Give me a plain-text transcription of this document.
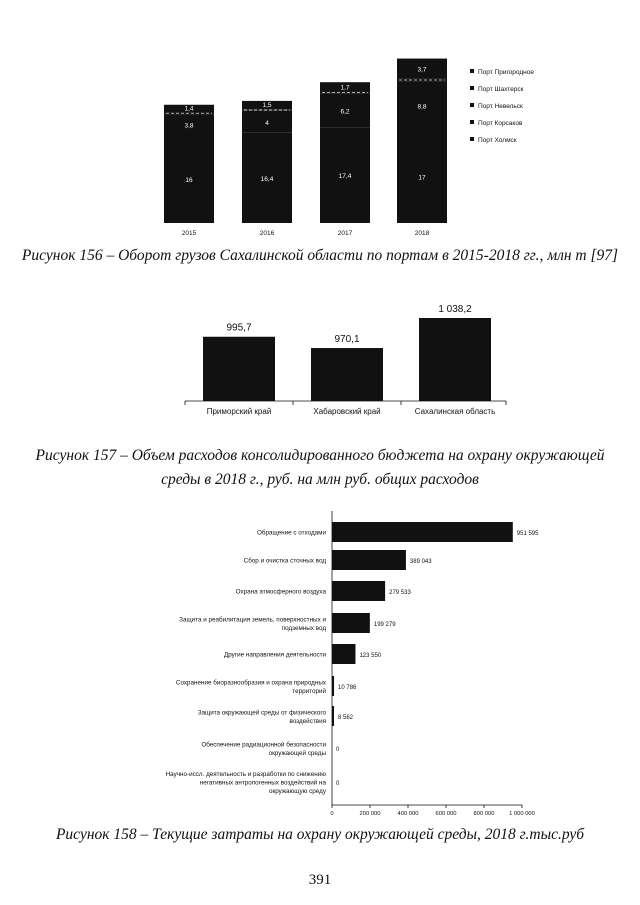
16
3,8
1,4
16,4
4
1,5
17,4
6,2
1,7
17
8,8
3,7
2015	2016	2017	2018
Порт Пригородное
Порт Шахтерск
Порт Невельск
Порт Корсаков
Порт Холмск
Рисунок 156 – Оборот грузов Сахалинской области по портам в 2015-2018 гг., млн т [97]
995,7
970,1
1 038,2
Приморский край	Хабаровский край	Сахалинская область
Рисунок 157 – Объем расходов консолидированного бюджета на охрану окружающей
среды в 2018 г., руб. на млн руб. общих расходов
Обращение с отходами
Сбор и очистка сточных вод
Охрана атмосферного воздуха
Защита и реабилитация земель, поверхностных и
подземных вод
Другие направления деятельности
Сохранение биоразнообразия и охрана природных
территорий
Защита окружающей среды от физического
воздействия
Обеспечение радиационной безопасности
окружающей среды
Научно-иссл. деятельность и разработки по снижению
негативных антропогенных воздействий на
окружающую среду
951 595
389 043
279 533
199 279
123 550
10 786
8 562
0
0
0	200 000	400 000	600 000	800 000	1 000 000
Рисунок 158 – Текущие затраты на охрану окружающей среды, 2018 г.тыс.руб
391
